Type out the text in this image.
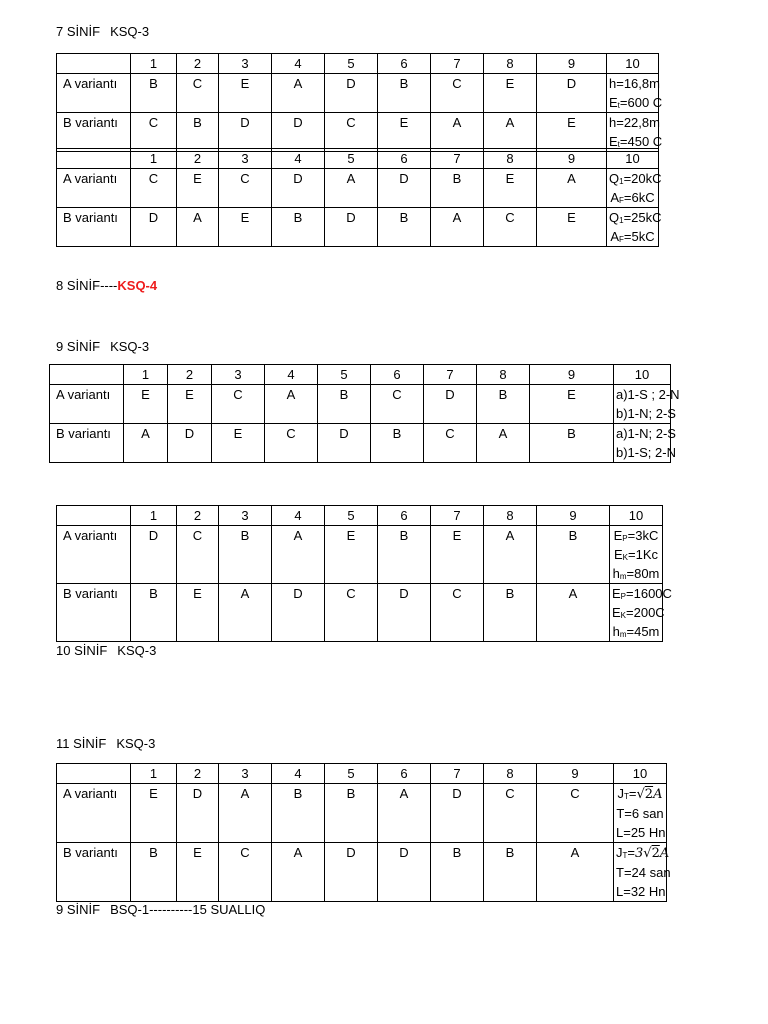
7 SİNİF KSQ-3
8 SİNİF----KSQ-4
9 SİNİF KSQ-3
10 SİNİF KSQ-3
11 SİNİF KSQ-3
9 SİNİF BSQ-1----------15 SUALLIQ
	1	2	3	4	5	6	7	8	9	10
A variantı	B	C	E	A	D	B	C	E	D	h=16,8m
$E_t=600$ C

B variantı	C	B	D	D	C	E	A	A	E	h=22,8m
$E_t=450$ C
	1	2	3	4	5	6	7	8	9	10
A variantı	C	E	C	D	A	D	B	E	A	$Q_1=20kC$
$A_F=6kC$

B variantı	D	A	E	B	D	B	A	C	E	$Q_1=25kC$
$A_F=5kC$
	1	2	3	4	5	6	7	8	9	10
A variantı	E	E	C	A	B	C	D	B	E	a)1-S ; 2-N
b)1-N; 2-S

B variantı	A	D	E	C	D	B	C	A	B	a)1-N; 2-S
b)1-S; 2-N
	1	2	3	4	5	6	7	8	9	10
A variantı	D	C	B	A	E	B	E	A	B	$E_P=3kC$
$E_K=1Kc$
$h_m=80m$

B variantı	B	E	A	D	C	D	C	B	A	$E_P=1600C$
$E_K=200C$
$h_m=45m$
	1	2	3	4	5	6	7	8	9	10
A variantı	E	D	A	B	B	A	D	C	C	$J_T=√2A$
T=6 san
L=25 Hn

B variantı	B	E	C	A	D	D	B	B	A	$J_T=3√2A$
T=24 san
L=32 Hn
